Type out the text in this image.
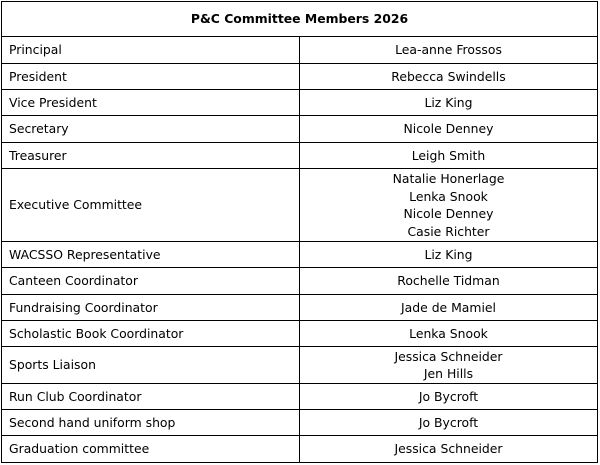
P&C Committee Members 2026	
Principal	Lea-anne Frossos

President	Rebecca Swindells

Vice President	Liz King

Secretary	Nicole Denney

Treasurer	Leigh Smith

Executive Committee	Natalie Honerlage
Lenka Snook
Nicole Denney
Casie Richter

WACSSO Representative	Liz King

Canteen Coordinator	Rochelle Tidman

Fundraising Coordinator	Jade de Mamiel

Scholastic Book Coordinator	Lenka Snook

Sports Liaison	Jessica Schneider
Jen Hills

Run Club Coordinator	Jo Bycroft

Second hand uniform shop	Jo Bycroft

Graduation committee	Jessica Schneider
